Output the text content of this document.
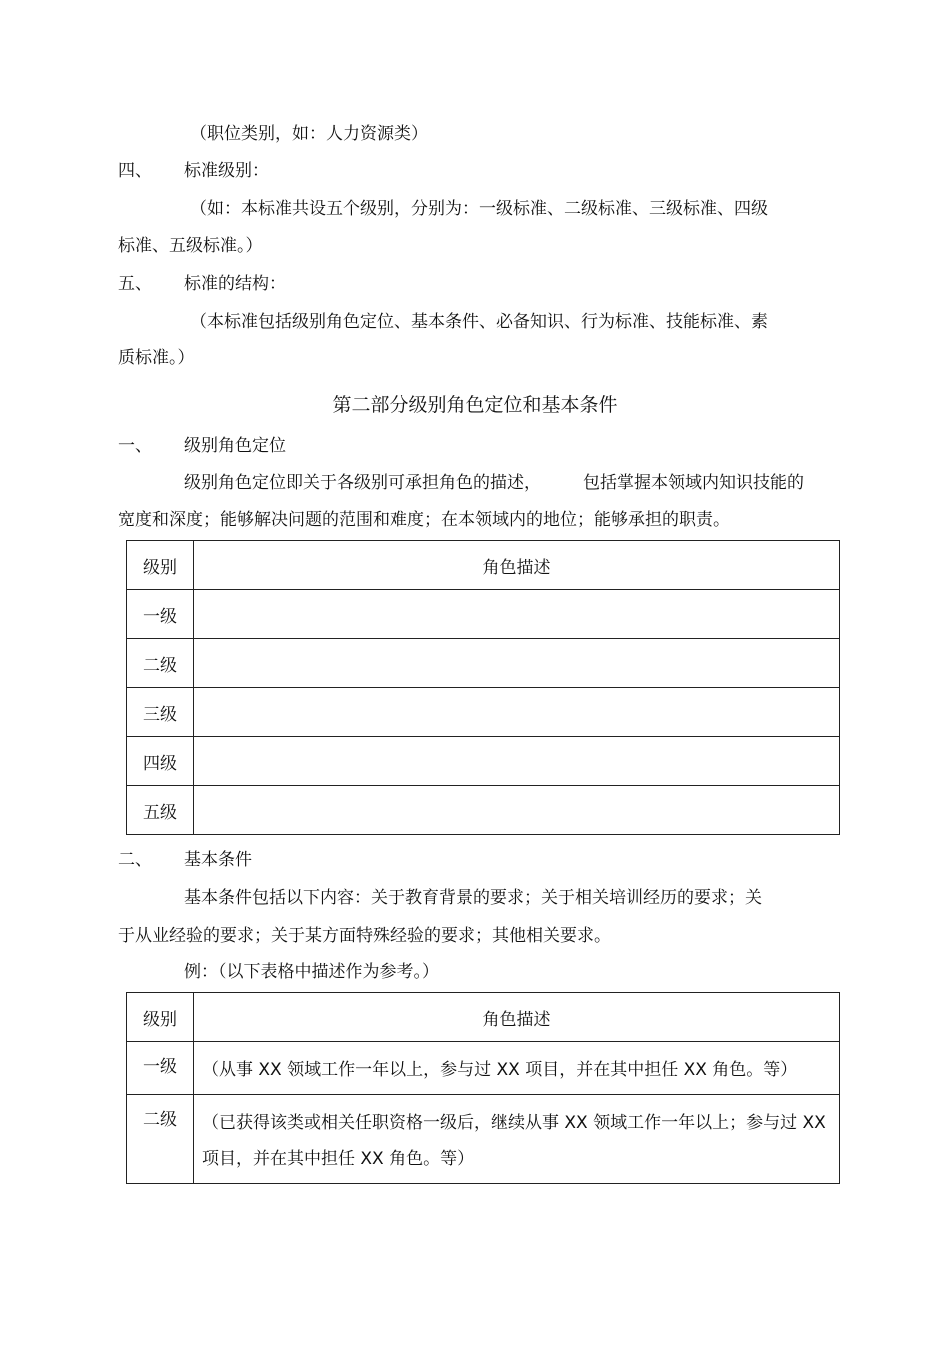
（职位类别，如：人力资源类）
四、 标准级别：
（如：本标准共设五个级别，分别为：一级标准、二级标准、三级标准、四级
标准、五级标准。）
五、 标准的结构：
（本标准包括级别角色定位、基本条件、必备知识、行为标准、技能标准、素
质标准。）
第二部分级别角色定位和基本条件
一、 级别角色定位
级别角色定位即关于各级别可承担角色的描述， 包括掌握本领域内知识技能的
宽度和深度；能够解决问题的范围和难度；在本领域内的地位；能够承担的职责。
级别	角色描述
一级	
二级	
三级	
四级	
五级	
二、 基本条件
基本条件包括以下内容：关于教育背景的要求；关于相关培训经历的要求；关
于从业经验的要求；关于某方面特殊经验的要求；其他相关要求。
例：（以下表格中描述作为参考。）
级别	角色描述
一级	（从事 XX 领域工作一年以上，参与过 XX 项目，并在其中担任 XX 角色。等）
二级	（已获得该类或相关任职资格一级后，继续从事 XX 领域工作一年以上；参与过 XX 项目，并在其中担任 XX 角色。等）
